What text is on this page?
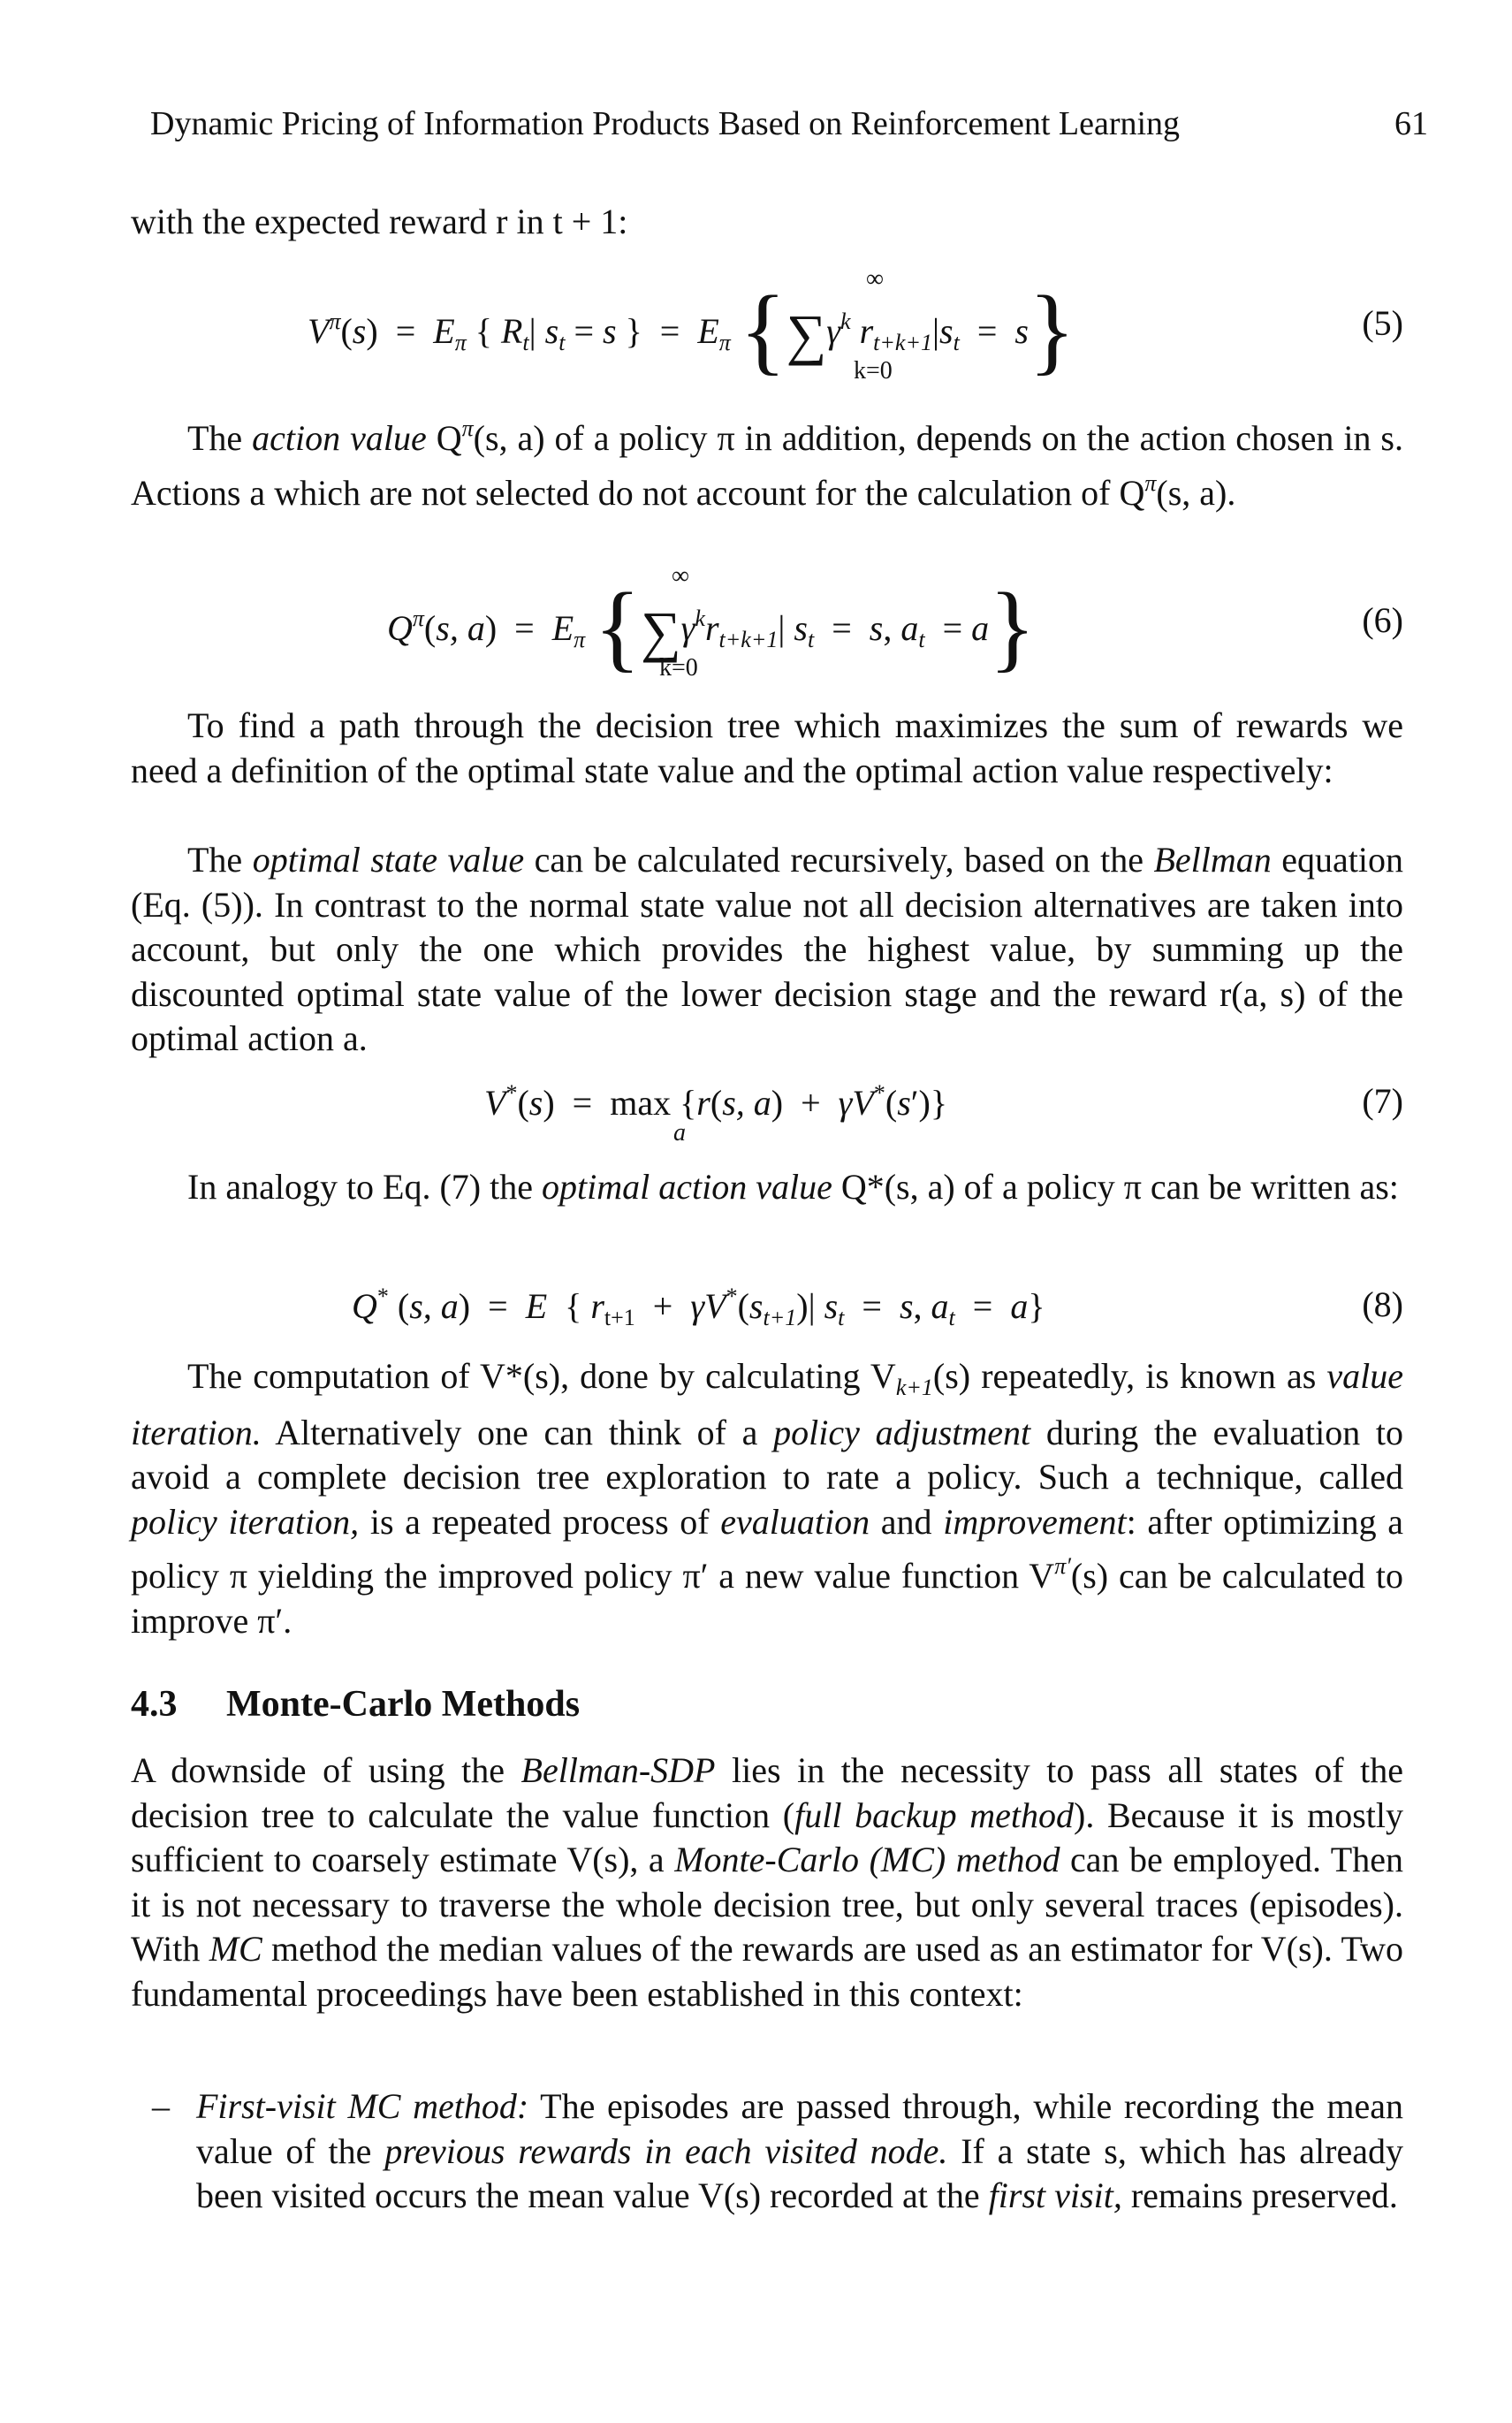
Dynamic Pricing of Information Products Based on Reinforcement Learning	61

with the expected reward r in t + 1:

$V^\pi(s) = E_\pi$ { $R_t|$ $s_t = s$ }  =  $E_\pi$ {$\sum\gamma^k$ $r_{t+k+1}|s_t = s$}
∞
k=0
(5)

The action value $Q^\pi(s$, a) of a policy π in addition, depends on the action chosen in s. Actions a which are not selected do not account for the calculation of $Q^\pi(s$, a).

$Q^\pi(s$, $a) = E_\pi$ {$\sum\gamma^kr_{t+k+1}|$ $s_t = s$, $a_t = a$}
∞
k=0
(6)

To find a path through the decision tree which maximizes the sum of rewards we need a definition of the optimal state value and the optimal action value respectively:

The optimal state value can be calculated recursively, based on the Bellman equation (Eq. (5)). In contrast to the normal state value not all decision alternatives are taken into account, but only the one which provides the highest value, by summing up the discounted optimal state value of the lower decision stage and the reward r(a, s) of the optimal action a.

V*(s)  =  max {r(s, a)  +  γV*(s′)}
a
(7)

In analogy to Eq. (7) the optimal action value Q*(s, a) of a policy π can be written as:

Q* (s, a)  =  E  { $r_{t+1} + \gamma V^*(s_{t+1})|$ $s_t = s$, $a_t = a$}	(8)

The computation of V*(s), done by calculating $V_{k+1}(s)$ repeatedly, is known as value iteration. Alternatively one can think of a policy adjustment during the evaluation to avoid a complete decision tree exploration to rate a policy. Such a technique, called policy iteration, is a repeated process of evaluation and improvement: after optimizing a policy π yielding the improved policy π′ a new value function $V^{\pi'}(s)$ can be calculated to improve π′.

4.3 Monte-Carlo Methods

A downside of using the Bellman-SDP lies in the necessity to pass all states of the decision tree to calculate the value function (full backup method). Because it is mostly sufficient to coarsely estimate V(s), a Monte-Carlo (MC) method can be employed. Then it is not necessary to traverse the whole decision tree, but only several traces (episodes). With MC method the median values of the rewards are used as an estimator for V(s). Two fundamental proceedings have been established in this context:

– First-visit MC method: The episodes are passed through, while recording the mean value of the previous rewards in each visited node. If a state s, which has already been visited occurs the mean value V(s) recorded at the first visit, remains preserved.
